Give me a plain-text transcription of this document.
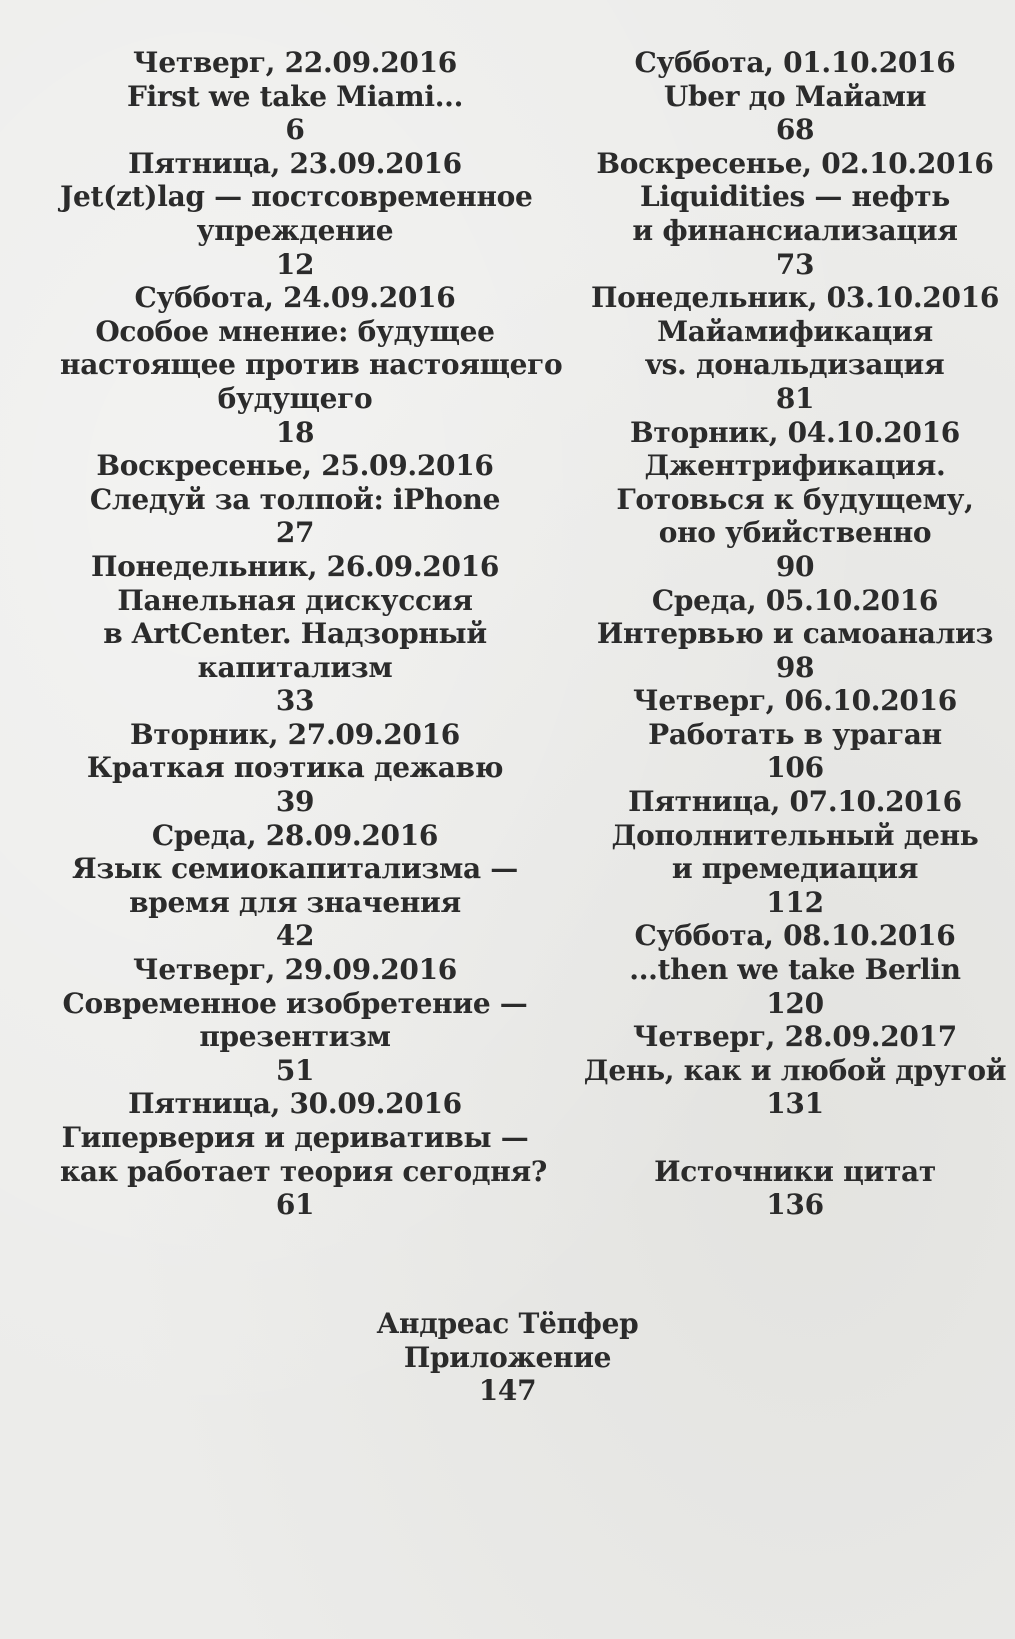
Четверг, 22.09.2016
First we take Miami...
6
Пятница, 23.09.2016
Jet(zt)lag — постсовременное
упреждение
12
Суббота, 24.09.2016
Особое мнение: будущее
настоящее против настоящего
будущего
18
Воскресенье, 25.09.2016
Следуй за толпой: iPhone
27
Понедельник, 26.09.2016
Панельная дискуссия
в ArtCenter. Надзорный
капитализм
33
Вторник, 27.09.2016
Краткая поэтика дежавю
39
Среда, 28.09.2016
Язык семиокапитализма —
время для значения
42
Четверг, 29.09.2016
Современное изобретение —
презентизм
51
Пятница, 30.09.2016
Гиперверия и деривативы —
как работает теория сегодня?
61
Суббота, 01.10.2016
Uber до Майами
68
Воскресенье, 02.10.2016
Liquidities — нефть
и финансиализация
73
Понедельник, 03.10.2016
Майамификация
vs. дональдизация
81
Вторник, 04.10.2016
Джентрификация.
Готовься к будущему,
оно убийственно
90
Среда, 05.10.2016
Интервью и самоанализ
98
Четверг, 06.10.2016
Работать в ураган
106
Пятница, 07.10.2016
Дополнительный день
и премедиация
112
Суббота, 08.10.2016
...then we take Berlin
120
Четверг, 28.09.2017
День, как и любой другой
131
Источники цитат
136
Андреас Тёпфер
Приложение
147
